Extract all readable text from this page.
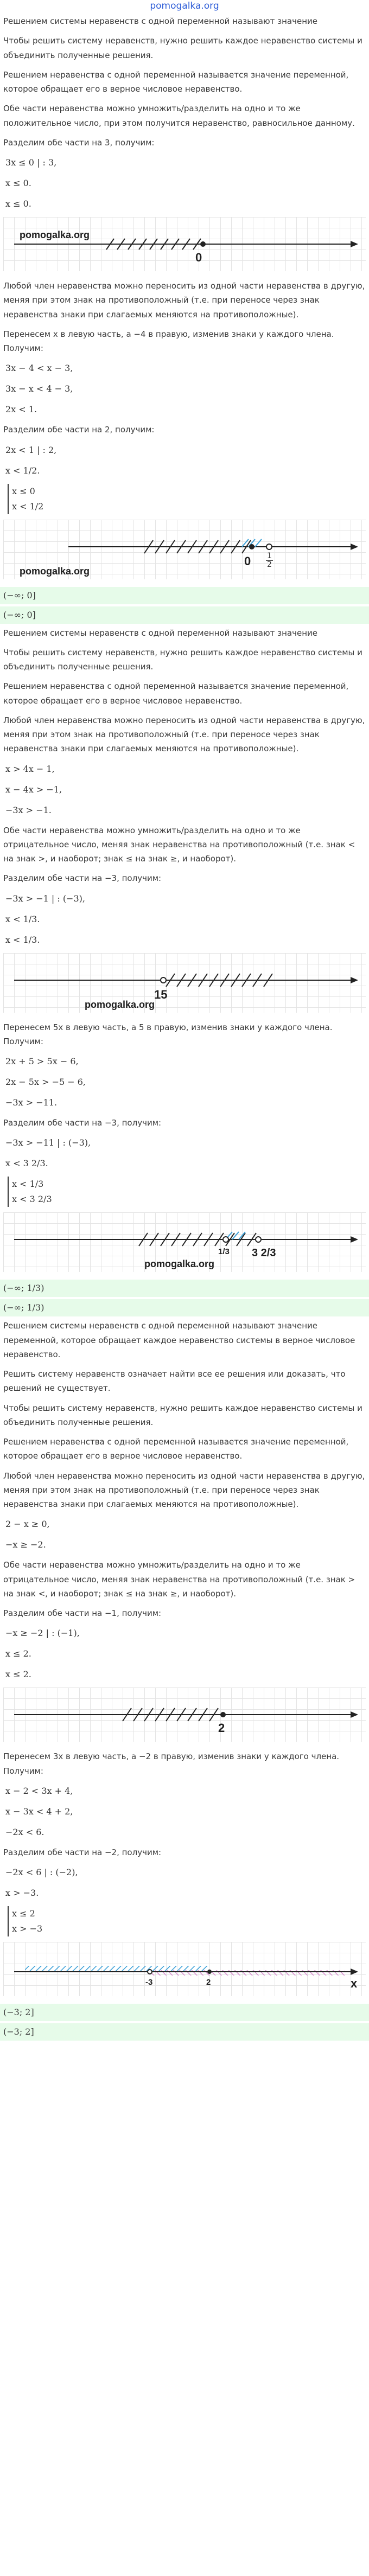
pomogalka.org

Решением системы неравенств с одной переменной называют значение

Чтобы решить систему неравенств, нужно решить каждое неравенство системы и объединить полученные решения.

Решением неравенства с одной переменной называется значение переменной, которое обращает его в верное числовое неравенство.

Обе части неравенства можно умножить/разделить на одно и то же положительное число, при этом получится неравенство, равносильное данному.

Разделим обе части на 3, получим:

3x ≤ 0 | : 3,
x ≤ 0.
x ≤ 0.
0
pomogalka.org

Любой член неравенства можно переносить из одной части неравенства в другую, меняя при этом знак на противоположный (т.е. при переносе через знак неравенства знаки при слагаемых меняются на противоположные).

Перенесем x в левую часть, а −4 в правую, изменив знаки у каждого члена. Получим:

3x − 4 < x − 3,
3x − x < 4 − 3,
2x < 1.

Разделим обе части на 2, получим:

2x < 1 | : 2,
x < 1/2.
x ≤ 0
x < 1/2
$0 \frac{1}{2}$
pomogalka.org
(−∞; 0]
(−∞; 0]

Решением системы неравенств с одной переменной называют значение

Чтобы решить систему неравенств, нужно решить каждое неравенство системы и объединить полученные решения.

Решением неравенства с одной переменной называется значение переменной, которое обращает его в верное числовое неравенство.

Любой член неравенства можно переносить из одной части неравенства в другую, меняя при этом знак на противоположный (т.е. при переносе через знак неравенства знаки при слагаемых меняются на противоположные).

x > 4x − 1,
x − 4x > −1,
−3x > −1.

Обе части неравенства можно умножить/разделить на одно и то же отрицательное число, меняя знак неравенства на противоположный (т.е. знак < на знак >, и наоборот; знак ≤ на знак ≥, и наоборот).

Разделим обе части на −3, получим:

−3x > −1 | : (−3),
x < 1/3.
x < 1/3.
15
pomogalka.org

Перенесем 5x в левую часть, а 5 в правую, изменив знаки у каждого члена. Получим:

2x + 5 > 5x − 6,
2x − 5x > −5 − 6,
−3x > −11.

Разделим обе части на −3, получим:

−3x > −11 | : (−3),
x < 3 2/3.
x < 1/3
x < 3 2/3
1/3 3 2/3
pomogalka.org
(−∞; 1/3)
(−∞; 1/3)

Решением системы неравенств с одной переменной называют значение переменной, которое обращает каждое неравенство системы в верное числовое неравенство.

Решить систему неравенств означает найти все ее решения или доказать, что решений не существует.

Чтобы решить систему неравенств, нужно решить каждое неравенство системы и объединить полученные решения.

Решением неравенства с одной переменной называется значение переменной, которое обращает его в верное числовое неравенство.

Любой член неравенства можно переносить из одной части неравенства в другую, меняя при этом знак на противоположный (т.е. при переносе через знак неравенства знаки при слагаемых меняются на противоположные).

2 − x ≥ 0,
−x ≥ −2.

Обе части неравенства можно умножить/разделить на одно и то же отрицательное число, меняя знак неравенства на противоположный (т.е. знак > на знак <, и наоборот; знак ≤ на знак ≥, и наоборот).

Разделим обе части на −1, получим:

−x ≥ −2 | : (−1),
x ≤ 2.
x ≤ 2.
2

Перенесем 3x в левую часть, а −2 в правую, изменив знаки у каждого члена. Получим:

x − 2 < 3x + 4,
x − 3x < 4 + 2,
−2x < 6.

Разделим обе части на −2, получим:

−2x < 6 | : (−2),
x > −3.
x ≤ 2
x > −3
-3	2	x
(−3; 2]
(−3; 2]
